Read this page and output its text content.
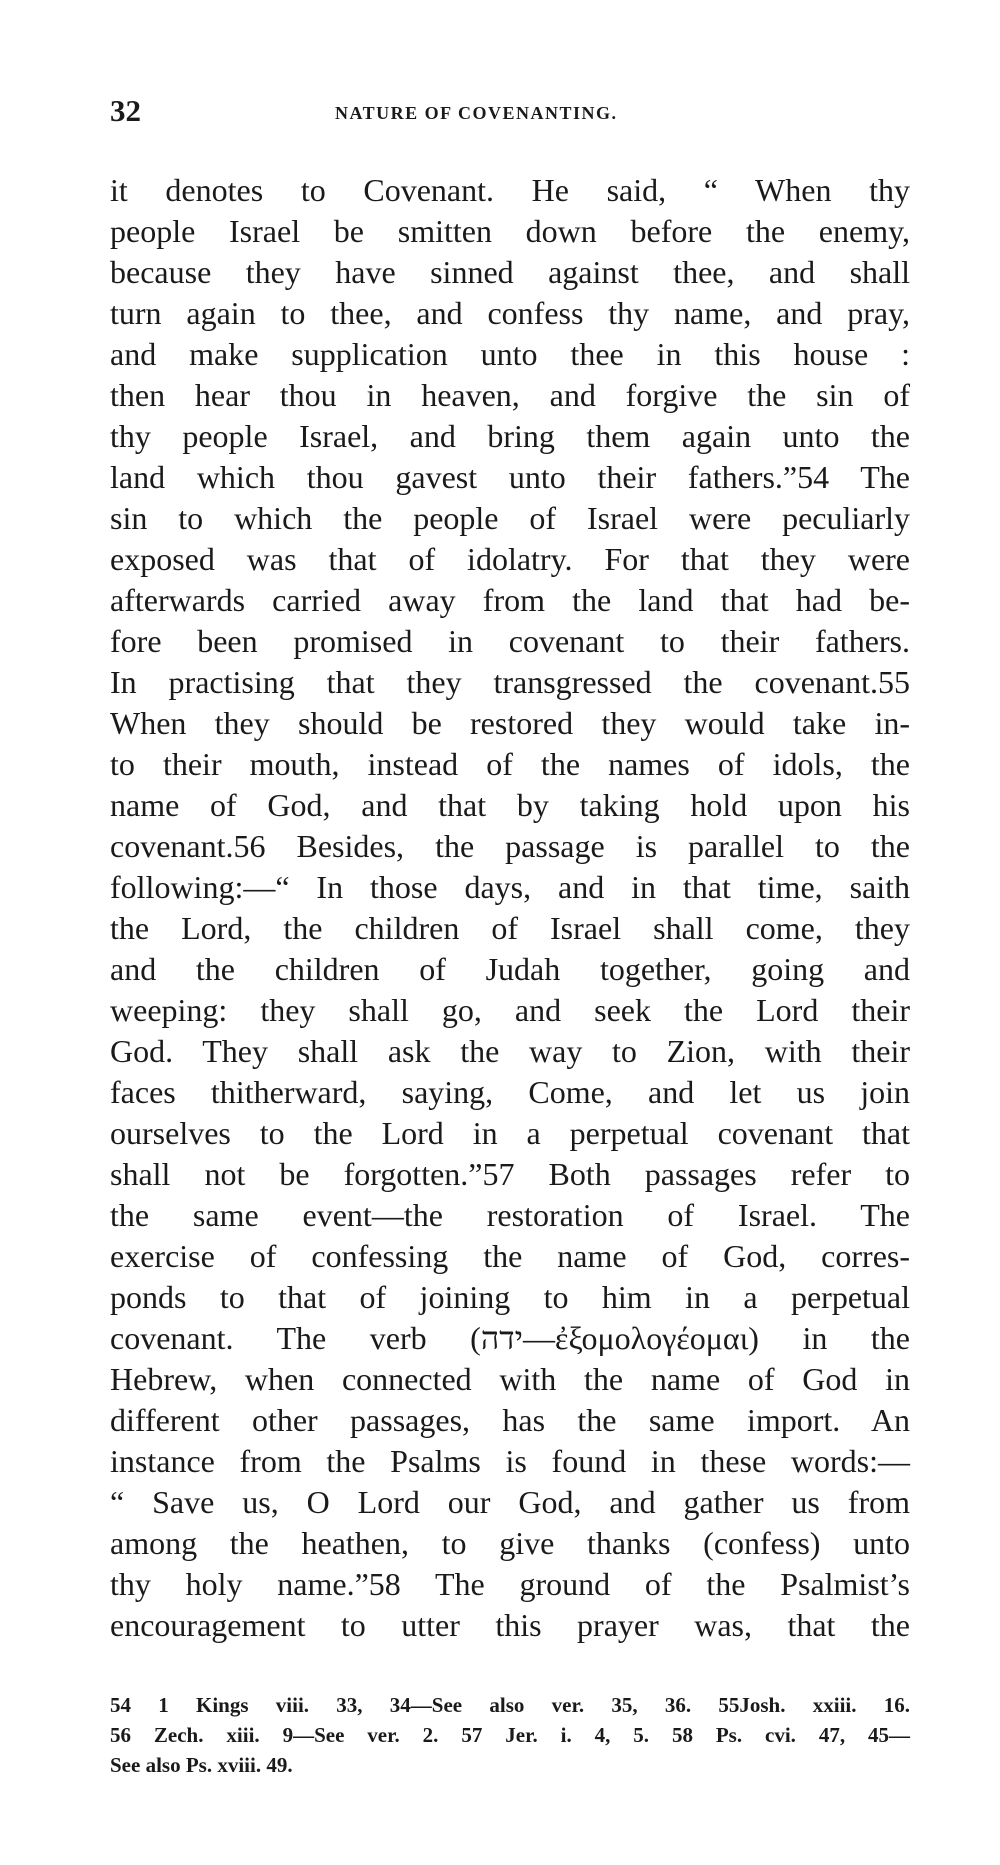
32	NATURE OF COVENANTING.
it denotes to Covenant. He said, “ When thy
people Israel be smitten down before the enemy,
because they have sinned against thee, and shall
turn again to thee, and confess thy name, and pray,
and make supplication unto thee in this house :
then hear thou in heaven, and forgive the sin of
thy people Israel, and bring them again unto the
land which thou gavest unto their fathers.”54 The
sin to which the people of Israel were peculiarly
exposed was that of idolatry. For that they were
afterwards carried away from the land that had be-
fore been promised in covenant to their fathers.
In practising that they transgressed the covenant.55
When they should be restored they would take in-
to their mouth, instead of the names of idols, the
name of God, and that by taking hold upon his
covenant.56 Besides, the passage is parallel to the
following:—“ In those days, and in that time, saith
the Lord, the children of Israel shall come, they
and the children of Judah together, going and
weeping: they shall go, and seek the Lord their
God. They shall ask the way to Zion, with their
faces thitherward, saying, Come, and let us join
ourselves to the Lord in a perpetual covenant that
shall not be forgotten.”57 Both passages refer to
the same event—the restoration of Israel. The
exercise of confessing the name of God, corres-
ponds to that of joining to him in a perpetual
covenant. The verb (ידה—ἐξομολογέομαι) in the
Hebrew, when connected with the name of God in
different other passages, has the same import. An
instance from the Psalms is found in these words:—
“ Save us, O Lord our God, and gather us from
among the heathen, to give thanks (confess) unto
thy holy name.”58 The ground of the Psalmist’s
encouragement to utter this prayer was, that the
54 1 Kings viii. 33, 34—See also ver. 35, 36. 55Josh. xxiii. 16.
56 Zech. xiii. 9—See ver. 2. 57 Jer. i. 4, 5. 58 Ps. cvi. 47, 45—
See also Ps. xviii. 49.
